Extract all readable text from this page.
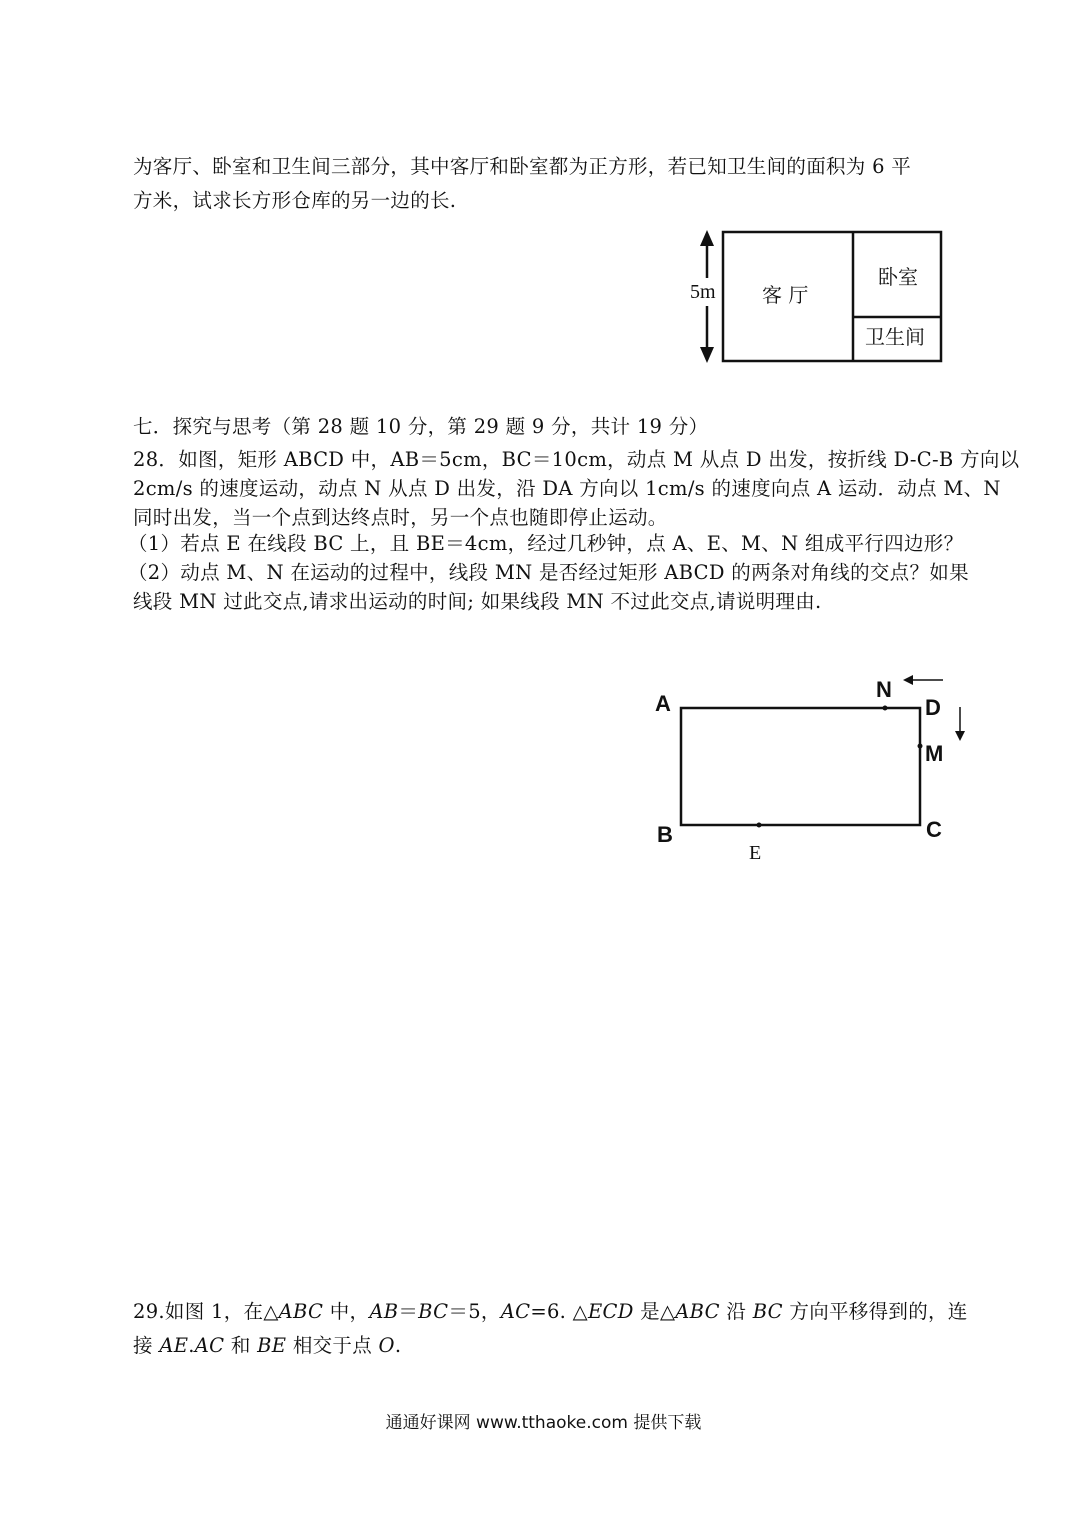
为客厅、卧室和卫生间三部分，其中客厅和卧室都为正方形，若已知卫生间的面积为 6 平
方米，试求长方形仓库的另一边的长.
5m 客 厅
卧室
卫生间
七．探究与思考（第 28 题 10 分，第 29 题 9 分，共计 19 分）
28．如图，矩形 ABCD 中，AB＝5cm，BC＝10cm，动点 M 从点 D 出发，按折线 D-C-B 方向以
2cm/s 的速度运动，动点 N 从点 D 出发，沿 DA 方向以 1cm/s 的速度向点 A 运动．动点 M、N
同时出发，当一个点到达终点时，另一个点也随即停止运动。
（1）若点 E 在线段 BC 上，且 BE＝4cm，经过几秒钟，点 A、E、M、N 组成平行四边形？
（2）动点 M、N 在运动的过程中，线段 MN 是否经过矩形 ABCD 的两条对角线的交点？如果
线段 MN 过此交点,请求出运动的时间; 如果线段 MN 不过此交点,请说明理由.
A	D
N
M
B	C
E
29.如图 1，在△ABC 中，AB＝BC＝5，AC=6. △ECD 是△ABC 沿 BC 方向平移得到的，连
接 AE.AC 和 BE 相交于点 O.
通通好课网 www.tthaoke.com 提供下载
